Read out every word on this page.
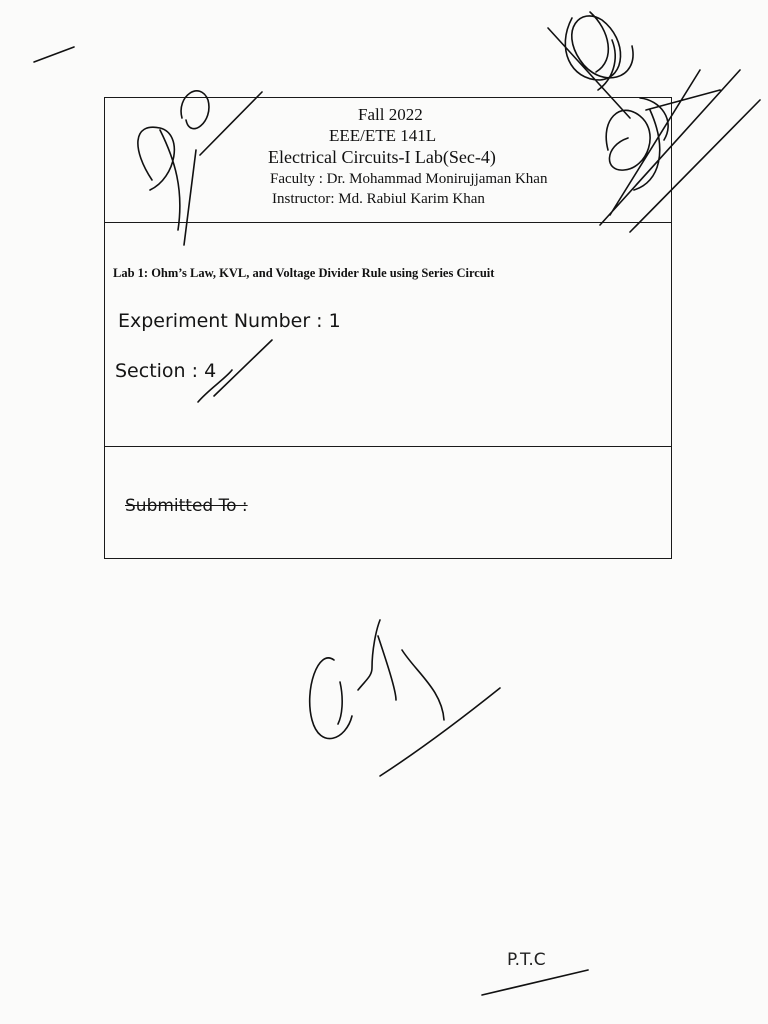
Fall 2022
EEE/ETE 141L
Electrical Circuits-I Lab(Sec-4)
Faculty : Dr. Mohammad Monirujjaman Khan
Instructor: Md. Rabiul Karim Khan
Lab 1: Ohm’s Law, KVL, and Voltage Divider Rule using Series Circuit
Experiment Number : 1
Section : 4
Submitted To :
P.T.C
